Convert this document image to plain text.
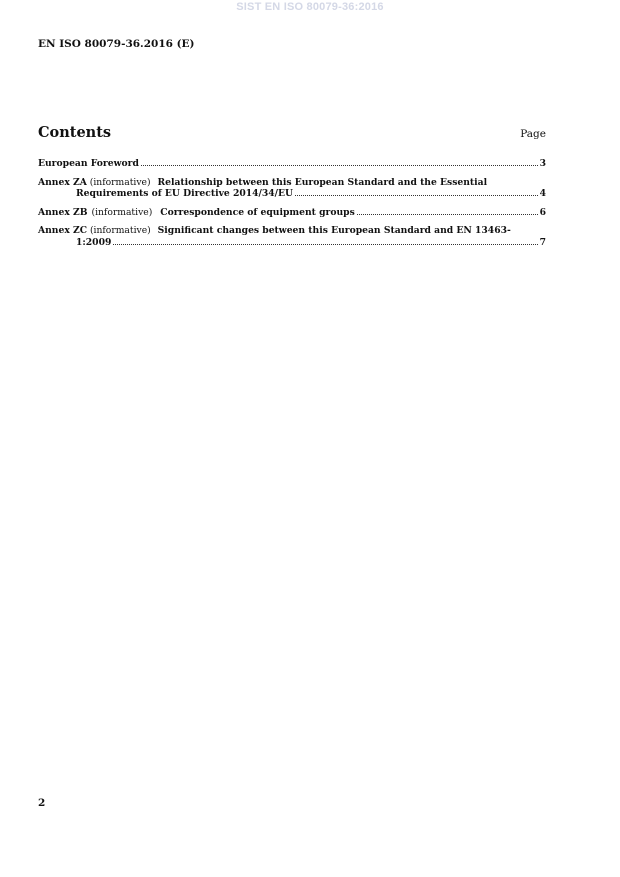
SIST EN ISO 80079-36:2016
EN ISO 80079-36.2016 (E)
Contents	Page
European Foreword	3
Annex ZA (informative) Relationship between this European Standard and the Essential
Requirements of EU Directive 2014/34/EU	4
Annex ZB (informative) Correspondence of equipment groups	6
Annex ZC (informative) Significant changes between this European Standard and EN 13463-
1:2009	7
2
